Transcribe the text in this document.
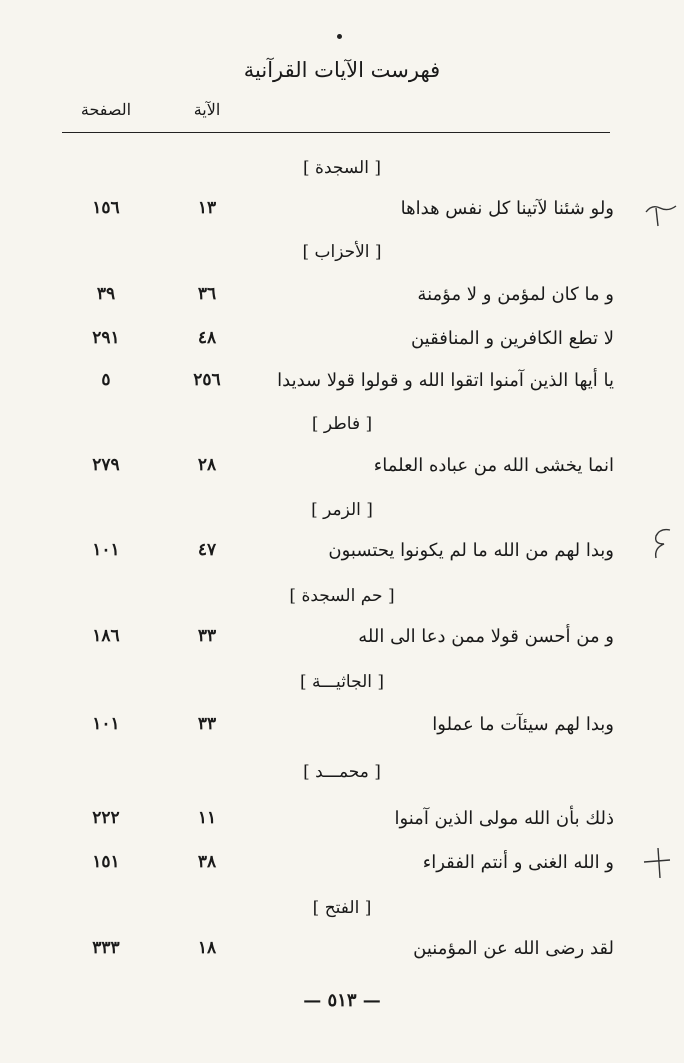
فهرست الآيات القرآنية
الصفحة	الآية
[ السجدة ]
ولو شئنا لآتينا كل نفس هداها
١٣
١٥٦
[ الأحزاب ]
و ما كان لمؤمن و لا مؤمنة
٣٦
٣٩
لا تطع الكافرين و المنافقين
٤٨
٢٩١
يا أيها الذين آمنوا اتقوا الله و قولوا قولا سديدا
٢٥٦
٥
[ فاطر ]
انما يخشى الله من عباده العلماء
٢٨
٢٧٩
[ الزمر ]
وبدا لهم من الله ما لم يكونوا يحتسبون
٤٧
١٠١
[ حم السجدة ]
و من أحسن قولا ممن دعا الى الله
٣٣
١٨٦
[ الجاثيـــة ]
وبدا لهم سيئآت ما عملوا
٣٣
١٠١
[ محمـــد ]
ذلك بأن الله مولى الذين آمنوا
١١
٢٢٢
و الله الغنى و أنتم الفقراء
٣٨
١٥١
[ الفتح ]
لقد رضى الله عن المؤمنين
١٨
٣٣٣
— ٥١٣ —
